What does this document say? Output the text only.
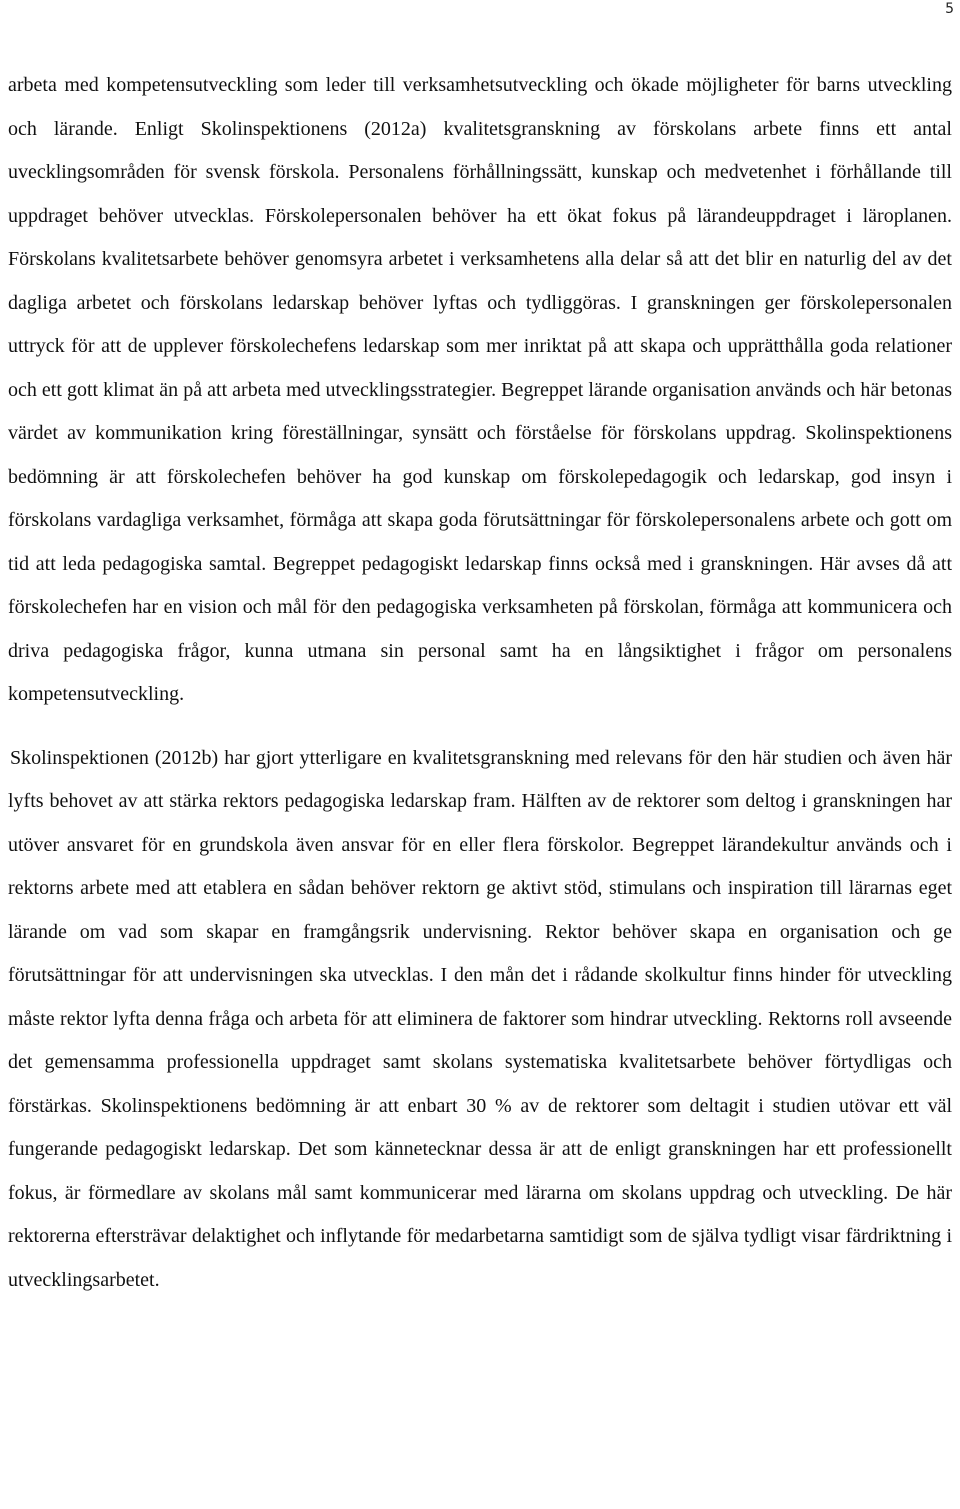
5

arbeta med kompetensutveckling som leder till verksamhetsutveckling och ökade möjligheter för barns utveckling och lärande. Enligt Skolinspektionens (2012a) kvalitetsgranskning av förskolans arbete finns ett antal uvecklingsområden för svensk förskola. Personalens förhållningssätt, kunskap och medvetenhet i förhållande till uppdraget behöver utvecklas. Förskolepersonalen behöver ha ett ökat fokus på lärandeuppdraget i läroplanen. Förskolans kvalitetsarbete behöver genomsyra arbetet i verksamhetens alla delar så att det blir en naturlig del av det dagliga arbetet och förskolans ledarskap behöver lyftas och tydliggöras. I granskningen ger förskolepersonalen uttryck för att de upplever förskolechefens ledarskap som mer inriktat på att skapa och upprätthålla goda relationer och ett gott klimat än på att arbeta med utvecklingsstrategier. Begreppet lärande organisation används och här betonas värdet av kommunikation kring föreställningar, synsätt och förståelse för förskolans uppdrag. Skolinspektionens bedömning är att förskolechefen behöver ha god kunskap om förskolepedagogik och ledarskap, god insyn i förskolans vardagliga verksamhet, förmåga att skapa goda förutsättningar för förskolepersonalens arbete och gott om tid att leda pedagogiska samtal. Begreppet pedagogiskt ledarskap finns också med i granskningen. Här avses då att förskolechefen har en vision och mål för den pedagogiska verksamheten på förskolan, förmåga att kommunicera och driva pedagogiska frågor, kunna utmana sin personal samt ha en långsiktighet i frågor om personalens kompetensutveckling.

Skolinspektionen (2012b) har gjort ytterligare en kvalitetsgranskning med relevans för den här studien och även här lyfts behovet av att stärka rektors pedagogiska ledarskap fram. Hälften av de rektorer som deltog i granskningen har utöver ansvaret för en grundskola även ansvar för en eller flera förskolor. Begreppet lärandekultur används och i rektorns arbete med att etablera en sådan behöver rektorn ge aktivt stöd, stimulans och inspiration till lärarnas eget lärande om vad som skapar en framgångsrik undervisning. Rektor behöver skapa en organisation och ge förutsättningar för att undervisningen ska utvecklas. I den mån det i rådande skolkultur finns hinder för utveckling måste rektor lyfta denna fråga och arbeta för att eliminera de faktorer som hindrar utveckling. Rektorns roll avseende det gemensamma professionella uppdraget samt skolans systematiska kvalitetsarbete behöver förtydligas och förstärkas. Skolinspektionens bedömning är att enbart 30 % av de rektorer som deltagit i studien utövar ett väl fungerande pedagogiskt ledarskap. Det som kännetecknar dessa är att de enligt granskningen har ett professionellt fokus, är förmedlare av skolans mål samt kommunicerar med lärarna om skolans uppdrag och utveckling. De här rektorerna eftersträvar delaktighet och inflytande för medarbetarna samtidigt som de själva tydligt visar färdriktning i utvecklingsarbetet.
